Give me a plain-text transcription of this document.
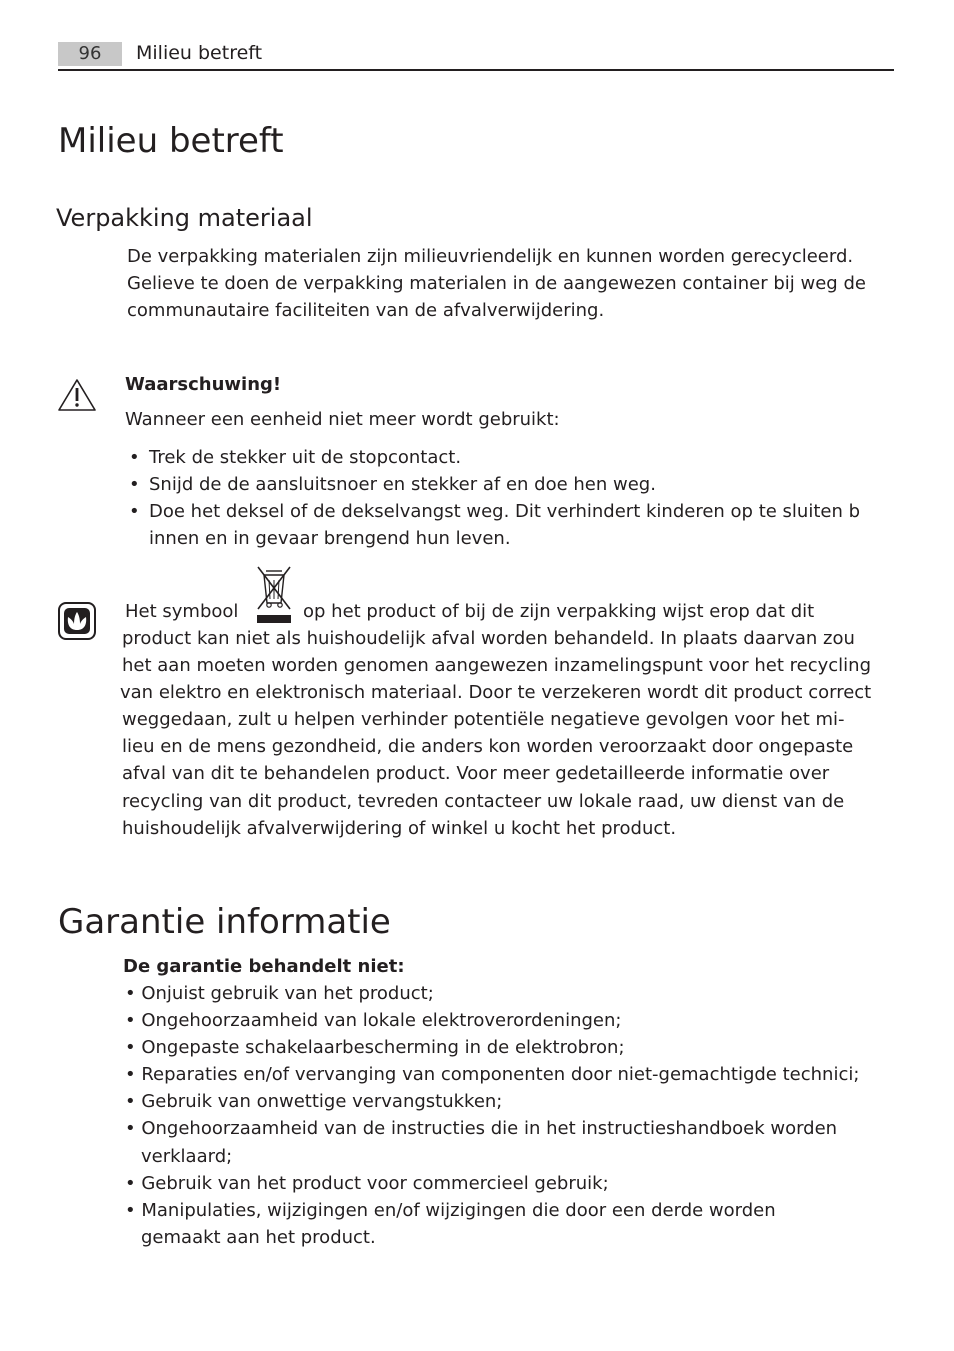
96	Milieu betreft
Milieu betreft
Verpakking materiaal
De verpakking materialen zijn milieuvriendelijk en kunnen worden gerecycleerd.
Gelieve te doen de verpakking materialen in de aangewezen container bij weg de
communautaire faciliteiten van de afvalverwijdering.
Waarschuwing!
Wanneer een eenheid niet meer wordt gebruikt:
• Trek de stekker uit de stopcontact.
• Snijd de de aansluitsnoer en stekker af en doe hen weg.
• Doe het deksel of de dekselvangst weg. Dit verhindert kinderen op te sluiten b
innen en in gevaar brengend hun leven.
Het symbool	op het product of bij de zijn verpakking wijst erop dat dit
product kan niet als huishoudelijk afval worden behandeld. In plaats daarvan zou
het aan moeten worden genomen aangewezen inzamelingspunt voor het recycling
van elektro en elektronisch materiaal. Door te verzekeren wordt dit product correct
weggedaan, zult u helpen verhinder potentiële negatieve gevolgen voor het mi-
lieu en de mens gezondheid, die anders kon worden veroorzaakt door ongepaste
afval van dit te behandelen product. Voor meer gedetailleerde informatie over
recycling van dit product, tevreden contacteer uw lokale raad, uw dienst van de
huishoudelijk afvalverwijdering of winkel u kocht het product.
Garantie informatie
De garantie behandelt niet:
• Onjuist gebruik van het product;
• Ongehoorzaamheid van lokale elektroverordeningen;
• Ongepaste schakelaarbescherming in de elektrobron;
• Reparaties en/of vervanging van componenten door niet-gemachtigde technici;
• Gebruik van onwettige vervangstukken;
• Ongehoorzaamheid van de instructies die in het instructieshandboek worden
verklaard;
• Gebruik van het product voor commercieel gebruik;
• Manipulaties, wijzigingen en/of wijzigingen die door een derde worden
gemaakt aan het product.
